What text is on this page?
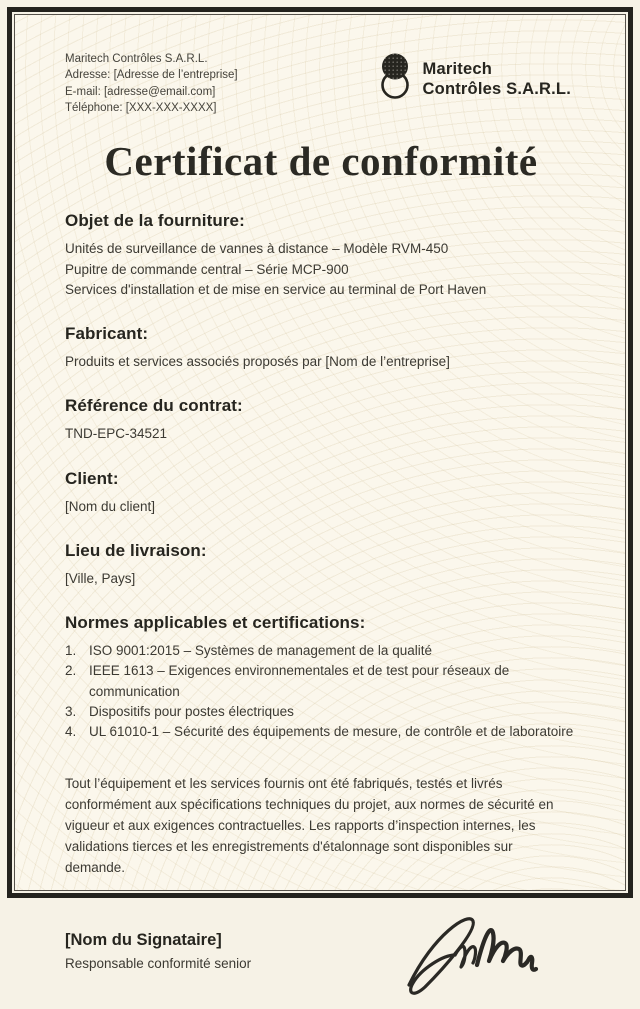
Maritech Contrôles S.A.R.L.
Adresse: [Adresse de l’entreprise]
E-mail: [adresse@email.com]
Téléphone: [XXX-XXX-XXXX]
Maritech
Contrôles S.A.R.L.
Certificat de conformité
Objet de la fourniture:
Unités de surveillance de vannes à distance – Modèle RVM-450
Pupitre de commande central – Série MCP-900
Services d'installation et de mise en service au terminal de Port Haven
Fabricant:
Produits et services associés proposés par [Nom de l’entreprise]
Référence du contrat:
TND-EPC-34521
Client:
[Nom du client]
Lieu de livraison:
[Ville, Pays]
Normes applicables et certifications:
1. ISO 9001:2015 – Systèmes de management de la qualité
2. IEEE 1613 – Exigences environnementales et de test pour réseaux de communication
3. Dispositifs pour postes électriques
4. UL 61010-1 – Sécurité des équipements de mesure, de contrôle et de laboratoire
Tout l’équipement et les services fournis ont été fabriqués, testés et livrés conformément aux spécifications techniques du projet, aux normes de sécurité en vigueur et aux exigences contractuelles. Les rapports d’inspection internes, les validations tierces et les enregistrements d'étalonnage sont disponibles sur demande.
[Nom du Signataire]
Responsable conformité senior
